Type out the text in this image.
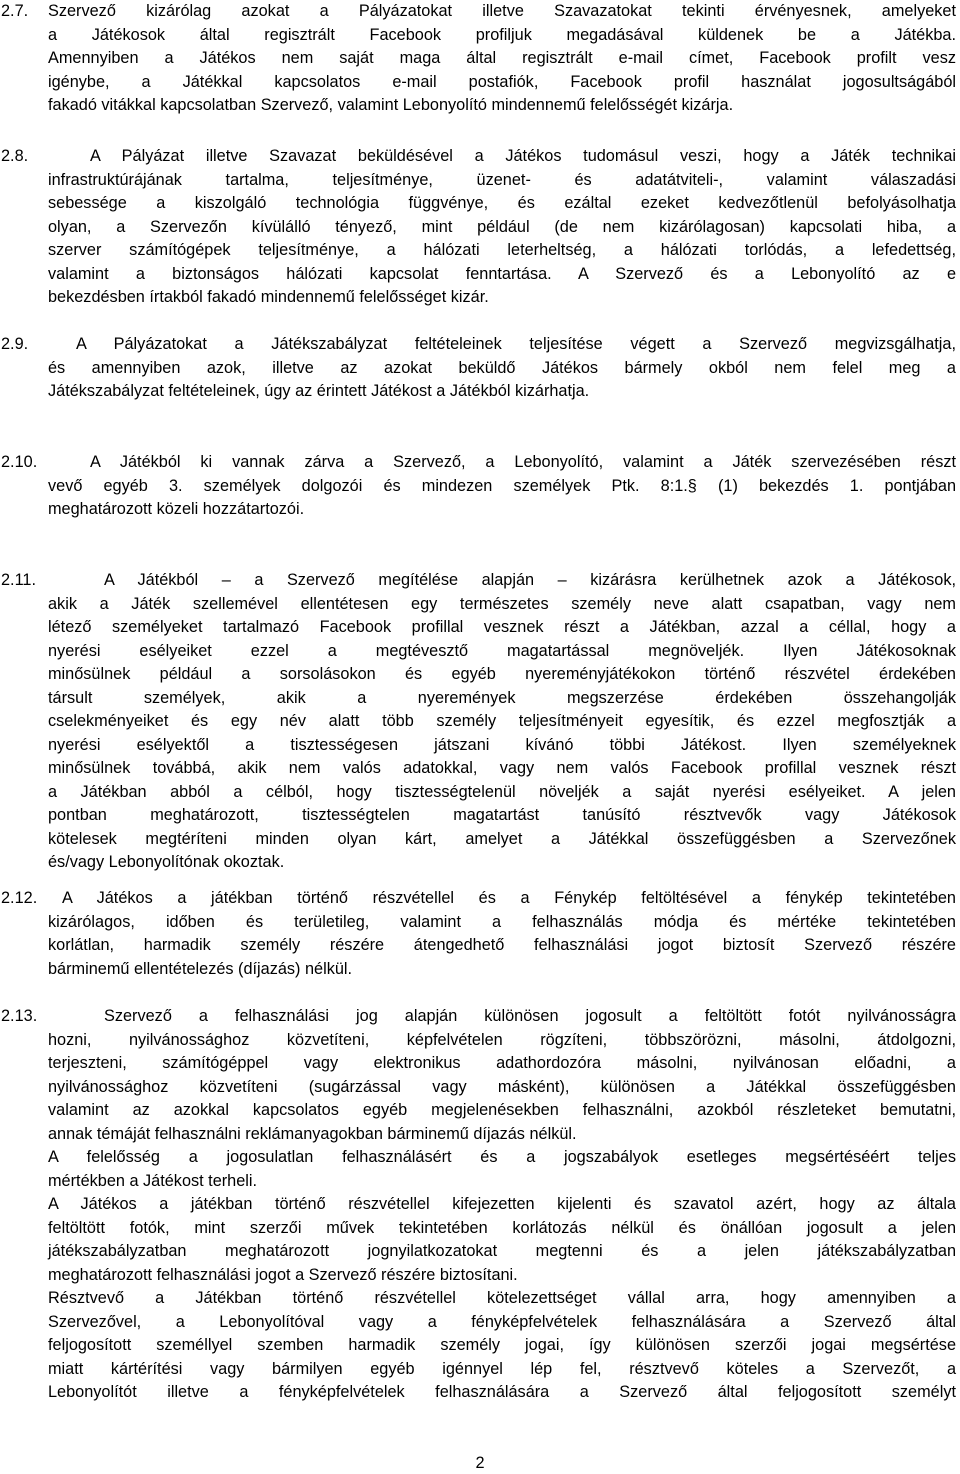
2.7. Szervező kizárólag azokat a Pályázatokat illetve Szavazatokat tekinti érvényesnek, amelyeket
a Játékosok által regisztrált Facebook profiljuk megadásával küldenek be a Játékba.
Amennyiben a Játékos nem saját maga által regisztrált e-mail címet, Facebook profilt vesz
igénybe, a Játékkal kapcsolatos e-mail postafiók, Facebook profil használat jogosultságából
fakadó vitákkal kapcsolatban Szervező, valamint Lebonyolító mindennemű felelősségét kizárja.
2.8.	A Pályázat illetve Szavazat beküldésével a Játékos tudomásul veszi, hogy a Játék technikai
infrastruktúrájának tartalma, teljesítménye, üzenet- és adatátviteli-, valamint válaszadási
sebessége a kiszolgáló technológia függvénye, és ezáltal ezeket kedvezőtlenül befolyásolhatja
olyan, a Szervezőn kívülálló tényező, mint például (de nem kizárólagosan) kapcsolati hiba, a
szerver számítógépek teljesítménye, a hálózati leterheltség, a hálózati torlódás, a lefedettség,
valamint a biztonságos hálózati kapcsolat fenntartása. A Szervező és a Lebonyolító az e
bekezdésben írtakból fakadó mindennemű felelősséget kizár.
2.9.	A Pályázatokat a Játékszabályzat feltételeinek teljesítése végett a Szervező megvizsgálhatja,
és amennyiben azok, illetve az azokat beküldő Játékos bármely okból nem felel meg a
Játékszabályzat feltételeinek, úgy az érintett Játékost a Játékból kizárhatja.
2.10.	A Játékból ki vannak zárva a Szervező, a Lebonyolító, valamint a Játék szervezésében részt
vevő egyéb 3. személyek dolgozói és mindezen személyek Ptk. 8:1.§ (1) bekezdés 1. pontjában
meghatározott közeli hozzátartozói.
2.11.	A Játékból – a Szervező megítélése alapján – kizárásra kerülhetnek azok a Játékosok,
akik a Játék szellemével ellentétesen egy természetes személy neve alatt csapatban, vagy nem
létező személyeket tartalmazó Facebook profillal vesznek részt a Játékban, azzal a céllal, hogy a
nyerési esélyeiket ezzel a megtévesztő magatartással megnöveljék. Ilyen Játékosoknak
minősülnek például a sorsolásokon és egyéb nyereményjátékokon történő részvétel érdekében
társult személyek, akik a nyeremények megszerzése érdekében összehangolják
cselekményeiket és egy név alatt több személy teljesítményeit egyesítik, és ezzel megfosztják a
nyerési esélyektől a tisztességesen játszani kívánó többi Játékost. Ilyen személyeknek
minősülnek továbbá, akik nem valós adatokkal, vagy nem valós Facebook profillal vesznek részt
a Játékban abból a célból, hogy tisztességtelenül növeljék a saját nyerési esélyeiket. A jelen
pontban meghatározott, tisztességtelen magatartást tanúsító résztvevők vagy Játékosok
kötelesek megtéríteni minden olyan kárt, amelyet a Játékkal összefüggésben a Szervezőnek
és/vagy Lebonyolítónak okoztak.
2.12. A Játékos a játékban történő részvétellel és a Fénykép feltöltésével a fénykép tekintetében
kizárólagos, időben és területileg, valamint a felhasználás módja és mértéke tekintetében
korlátlan, harmadik személy részére átengedhető felhasználási jogot biztosít Szervező részére
bárminemű ellentételezés (díjazás) nélkül.
2.13.	Szervező a felhasználási jog alapján különösen jogosult a feltöltött fotót nyilvánosságra
hozni, nyilvánossághoz közvetíteni, képfelvételen rögzíteni, többszörözni, másolni, átdolgozni,
terjeszteni, számítógéppel vagy elektronikus adathordozóra másolni, nyilvánosan előadni, a
nyilvánossághoz közvetíteni (sugárzással vagy másként), különösen a Játékkal összefüggésben
valamint az azokkal kapcsolatos egyéb megjelenésekben felhasználni, azokból részleteket bemutatni,
annak témáját felhasználni reklámanyagokban bárminemű díjazás nélkül.
A felelősség a jogosulatlan felhasználásért és a jogszabályok esetleges megsértéséért teljes
mértékben a Játékost terheli.
A Játékos a játékban történő részvétellel kifejezetten kijelenti és szavatol azért, hogy az általa
feltöltött fotók, mint szerzői művek tekintetében korlátozás nélkül és önállóan jogosult a jelen
játékszabályzatban meghatározott jognyilatkozatokat megtenni és a jelen játékszabályzatban
meghatározott felhasználási jogot a Szervező részére biztosítani.
Résztvevő a Játékban történő részvétellel kötelezettséget vállal arra, hogy amennyiben a
Szervezővel, a Lebonyolítóval vagy a fényképfelvételek felhasználására a Szervező által
feljogosított személlyel szemben harmadik személy jogai, így különösen szerzői jogai megsértése
miatt kártérítési vagy bármilyen egyéb igénnyel lép fel, résztvevő köteles a Szervezőt, a
Lebonyolítót illetve a fényképfelvételek felhasználására a Szervező által feljogosított személyt
2
